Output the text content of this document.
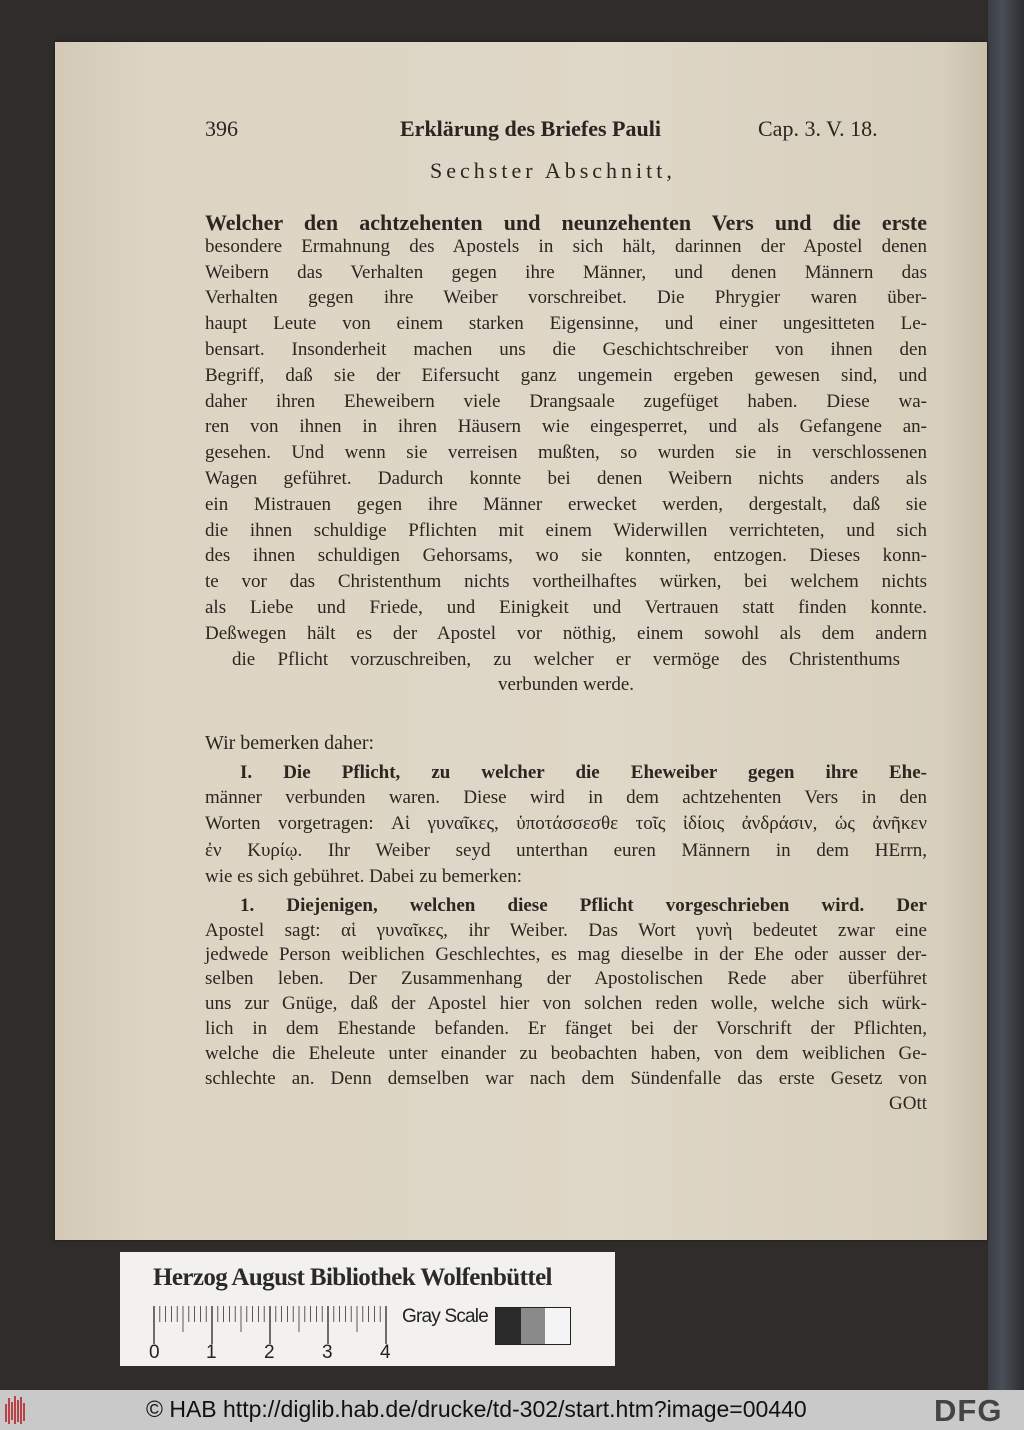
396	Erklärung des Briefes Pauli	Cap. 3. V. 18.
Sechster Abschnitt,
Welcher den achtzehenten und neunzehenten Vers und die erste
besondere Ermahnung des Apostels in sich hält, darinnen der Apostel denen
Weibern das Verhalten gegen ihre Männer, und denen Männern das
Verhalten gegen ihre Weiber vorschreibet. Die Phrygier waren über-
haupt Leute von einem starken Eigensinne, und einer ungesitteten Le-
bensart. Insonderheit machen uns die Geschichtschreiber von ihnen den
Begriff, daß sie der Eifersucht ganz ungemein ergeben gewesen sind, und
daher ihren Eheweibern viele Drangsaale zugefüget haben. Diese wa-
ren von ihnen in ihren Häusern wie eingesperret, und als Gefangene an-
gesehen. Und wenn sie verreisen mußten, so wurden sie in verschlossenen
Wagen geführet. Dadurch konnte bei denen Weibern nichts anders als
ein Mistrauen gegen ihre Männer erwecket werden, dergestalt, daß sie
die ihnen schuldige Pflichten mit einem Widerwillen verrichteten, und sich
des ihnen schuldigen Gehorsams, wo sie konnten, entzogen. Dieses konn-
te vor das Christenthum nichts vortheilhaftes würken, bei welchem nichts
als Liebe und Friede, und Einigkeit und Vertrauen statt finden konnte.
Deßwegen hält es der Apostel vor nöthig, einem sowohl als dem andern
die Pflicht vorzuschreiben, zu welcher er vermöge des Christenthums
verbunden werde.
Wir bemerken daher:
I. Die Pflicht, zu welcher die Eheweiber gegen ihre Ehe-
männer verbunden waren. Diese wird in dem achtzehenten Vers in den
Worten vorgetragen: Αἱ γυναῖκες, ὑποτάσσεσθε τοῖς ἰδίοις ἀνδράσιν, ὡς ἀνῆκεν
ἐν Κυρίῳ. Ihr Weiber seyd unterthan euren Männern in dem HErrn,
wie es sich gebühret. Dabei zu bemerken:
1. Diejenigen, welchen diese Pflicht vorgeschrieben wird. Der
Apostel sagt: αἱ γυναῖκες, ihr Weiber. Das Wort γυνὴ bedeutet zwar eine
jedwede Person weiblichen Geschlechtes, es mag dieselbe in der Ehe oder ausser der-
selben leben. Der Zusammenhang der Apostolischen Rede aber überführet
uns zur Gnüge, daß der Apostel hier von solchen reden wolle, welche sich würk-
lich in dem Ehestande befanden. Er fänget bei der Vorschrift der Pflichten,
welche die Eheleute unter einander zu beobachten haben, von dem weiblichen Ge-
schlechte an. Denn demselben war nach dem Sündenfalle das erste Gesetz von
GOtt
Herzog August Bibliothek Wolfenbüttel
0 1 2 3 4
Gray Scale
© HAB http://diglib.hab.de/drucke/td-302/start.htm?image=00440	DFG
